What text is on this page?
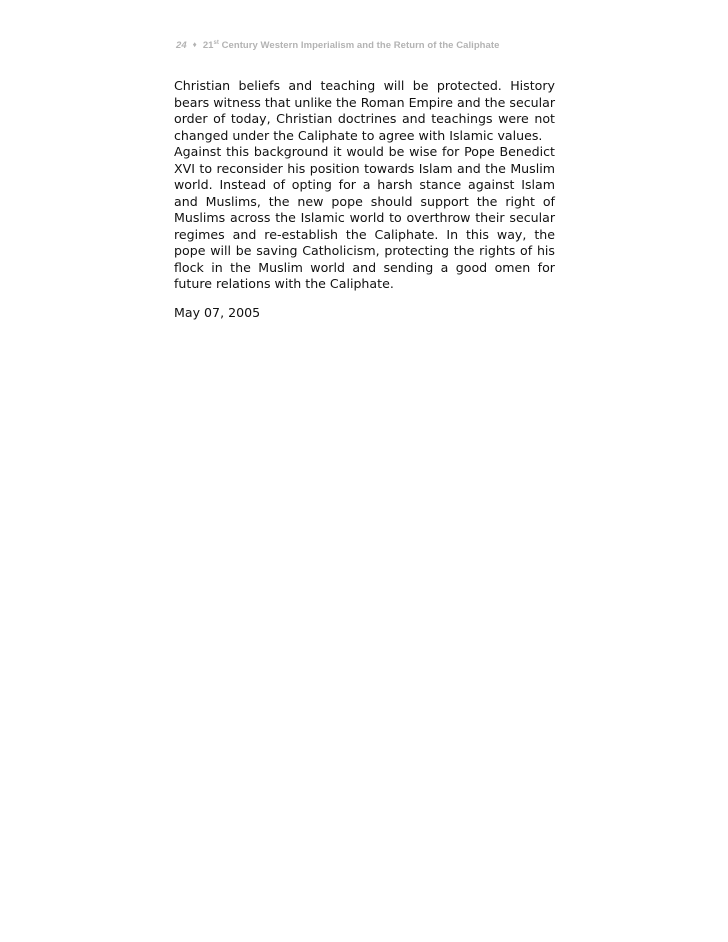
24 ♦ 21st Century Western Imperialism and the Return of the Caliphate
Christian beliefs and teaching will be protected. History
bears witness that unlike the Roman Empire and the secular
order of today, Christian doctrines and teachings were not
changed under the Caliphate to agree with Islamic values.
Against this background it would be wise for Pope Benedict
XVI to reconsider his position towards Islam and the Muslim
world. Instead of opting for a harsh stance against Islam
and Muslims, the new pope should support the right of
Muslims across the Islamic world to overthrow their secular
regimes and re-establish the Caliphate. In this way, the
pope will be saving Catholicism, protecting the rights of his
flock in the Muslim world and sending a good omen for
future relations with the Caliphate.
May 07, 2005
